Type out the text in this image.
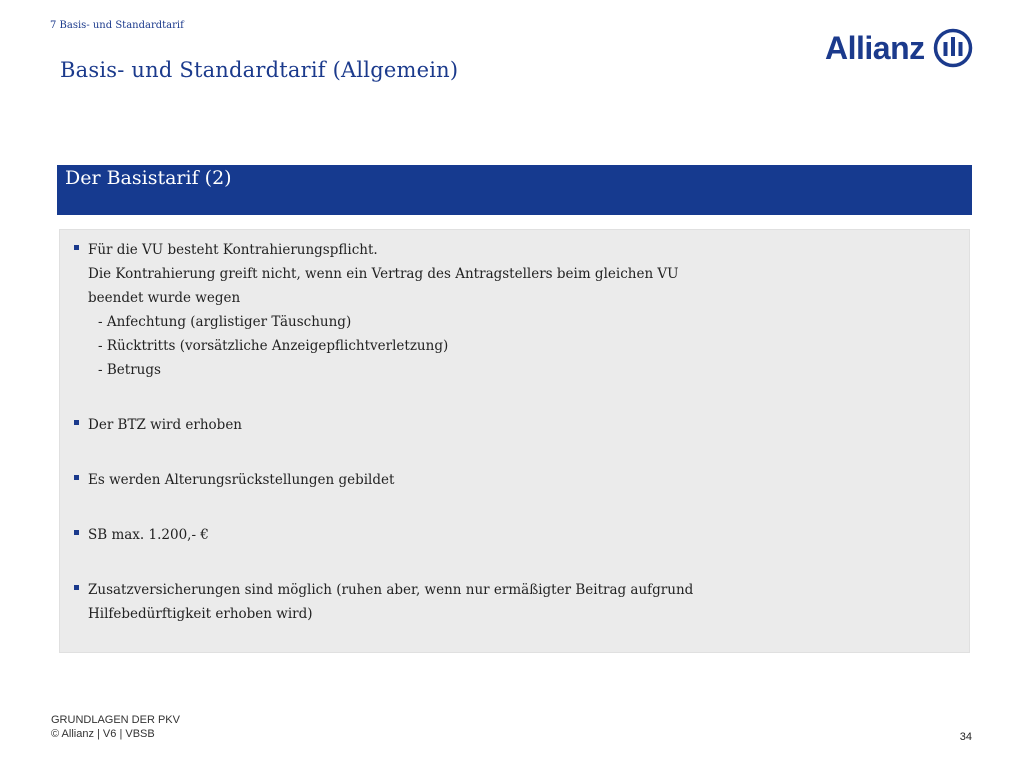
7 Basis- und Standardtarif
Basis- und Standardtarif (Allgemein)
Allianz
Der Basistarif (2)
Für die VU besteht Kontrahierungspflicht.
Die Kontrahierung greift nicht, wenn ein Vertrag des Antragstellers beim gleichen VU
beendet wurde wegen
- Anfechtung (arglistiger Täuschung)
- Rücktritts (vorsätzliche Anzeigepflichtverletzung)
- Betrugs
Der BTZ wird erhoben
Es werden Alterungsrückstellungen gebildet
SB max. 1.200,- €
Zusatzversicherungen sind möglich (ruhen aber, wenn nur ermäßigter Beitrag aufgrund
Hilfebedürftigkeit erhoben wird)
GRUNDLAGEN DER PKV
© Allianz | V6 | VBSB	34
